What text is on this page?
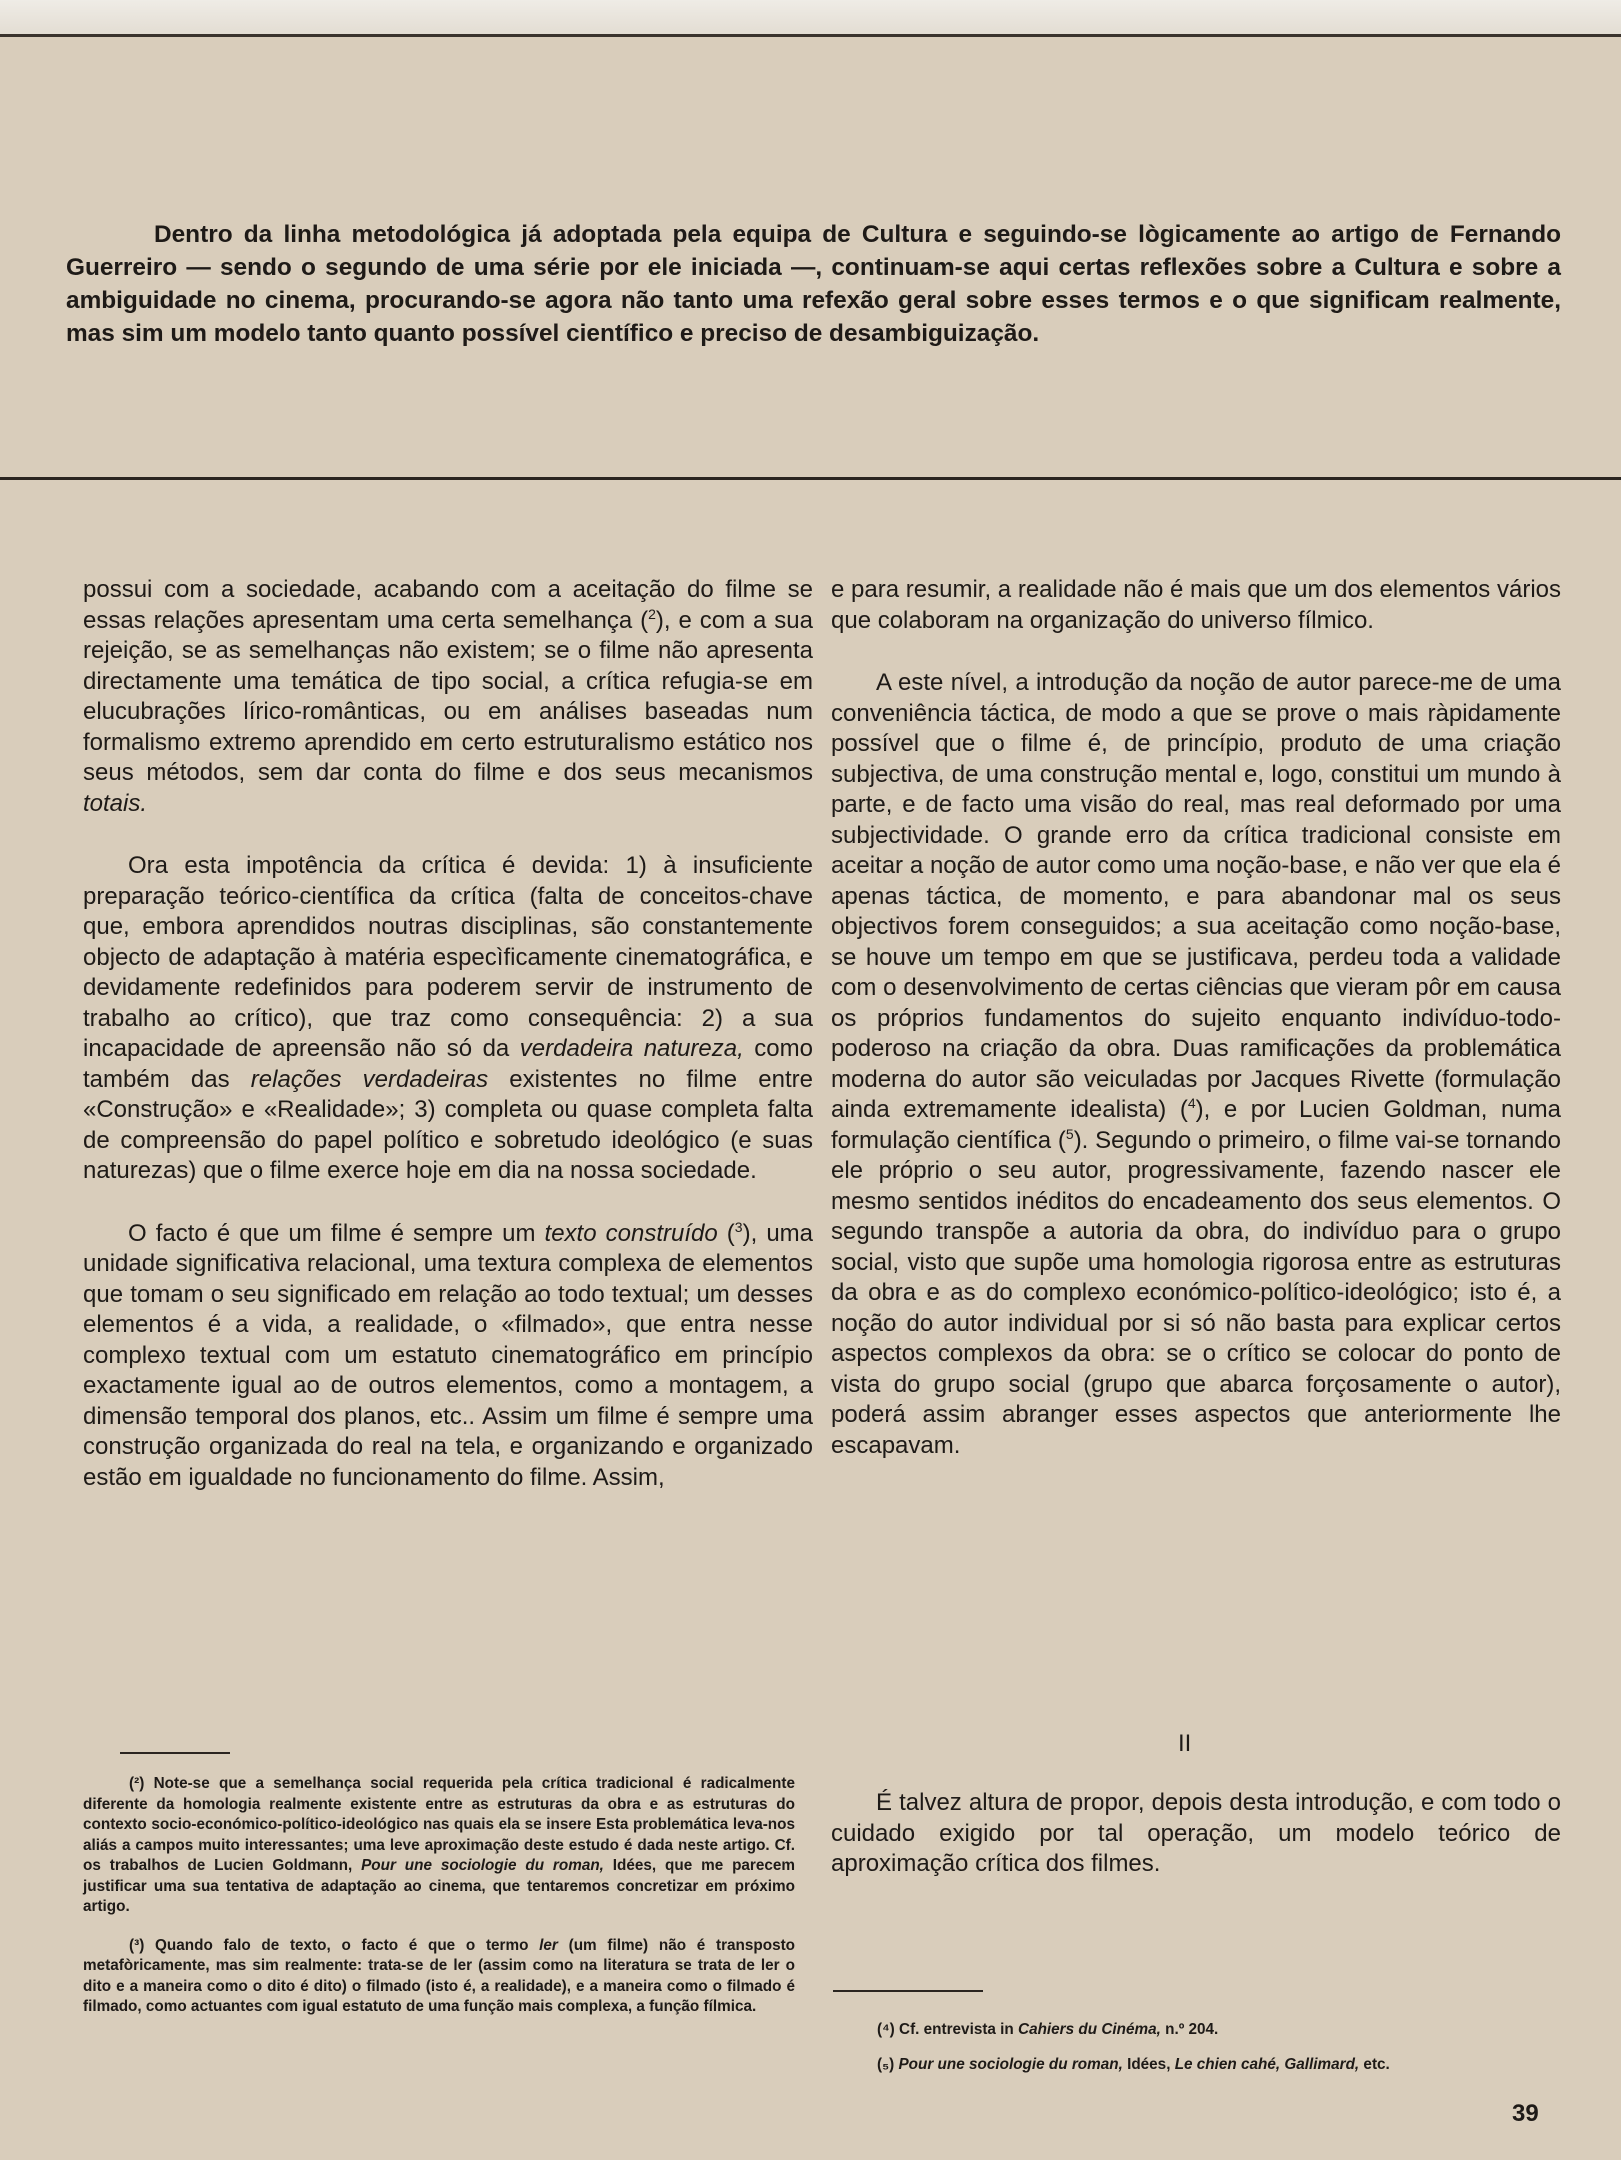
Dentro da linha metodológica já adoptada pela equipa de Cultura e seguindo-se lògicamente ao artigo de Fernando Guerreiro — sendo o segundo de uma série por ele iniciada —, continuam-se aqui certas reflexões sobre a Cultura e sobre a ambiguidade no cinema, procurando-se agora não tanto uma refexão geral sobre esses termos e o que significam realmente, mas sim um modelo tanto quanto possível científico e preciso de desambiguização.

possui com a sociedade, acabando com a aceitação do filme se essas relações apresentam uma certa semelhança ($^2$), e com a sua rejeição, se as semelhanças não existem; se o filme não apresenta directamente uma temática de tipo social, a crítica refugia-se em elucubrações lírico-românticas, ou em análises baseadas num formalismo extremo aprendido em certo estruturalismo estático nos seus métodos, sem dar conta do filme e dos seus mecanismos totais.

Ora esta impotência da crítica é devida: 1) à insuficiente preparação teórico-científica da crítica (falta de conceitos-chave que, embora aprendidos noutras disciplinas, são constantemente objecto de adaptação à matéria especìficamente cinematográfica, e devidamente redefinidos para poderem servir de instrumento de trabalho ao crítico), que traz como consequência: 2) a sua incapacidade de apreensão não só da verdadeira natureza, como também das relações verdadeiras existentes no filme entre «Construção» e «Realidade»; 3) completa ou quase completa falta de compreensão do papel político e sobretudo ideológico (e suas naturezas) que o filme exerce hoje em dia na nossa sociedade.

O facto é que um filme é sempre um texto construído ($^3$), uma unidade significativa relacional, uma textura complexa de elementos que tomam o seu significado em relação ao todo textual; um desses elementos é a vida, a realidade, o «filmado», que entra nesse complexo textual com um estatuto cinematográfico em princípio exactamente igual ao de outros elementos, como a montagem, a dimensão temporal dos planos, etc.. Assim um filme é sempre uma construção organizada do real na tela, e organizando e organizado estão em igualdade no funcionamento do filme. Assim,

e para resumir, a realidade não é mais que um dos elementos vários que colaboram na organização do universo fílmico.

A este nível, a introdução da noção de autor parece-me de uma conveniência táctica, de modo a que se prove o mais ràpidamente possível que o filme é, de princípio, produto de uma criação subjectiva, de uma construção mental e, logo, constitui um mundo à parte, e de facto uma visão do real, mas real deformado por uma subjectividade. O grande erro da crítica tradicional consiste em aceitar a noção de autor como uma noção-base, e não ver que ela é apenas táctica, de momento, e para abandonar mal os seus objectivos forem conseguidos; a sua aceitação como noção-base, se houve um tempo em que se justificava, perdeu toda a validade com o desenvolvimento de certas ciências que vieram pôr em causa os próprios fundamentos do sujeito enquanto indivíduo-todo-poderoso na criação da obra. Duas ramificações da problemática moderna do autor são veiculadas por Jacques Rivette (formulação ainda extremamente idealista) ($^4$), e por Lucien Goldman, numa formulação científica ($^5$). Segundo o primeiro, o filme vai-se tornando ele próprio o seu autor, progressivamente, fazendo nascer ele mesmo sentidos inéditos do encadeamento dos seus elementos. O segundo transpõe a autoria da obra, do indivíduo para o grupo social, visto que supõe uma homologia rigorosa entre as estruturas da obra e as do complexo económico-político-ideológico; isto é, a noção do autor individual por si só não basta para explicar certos aspectos complexos da obra: se o crítico se colocar do ponto de vista do grupo social (grupo que abarca forçosamente o autor), poderá assim abranger esses aspectos que anteriormente lhe escapavam.

II

É talvez altura de propor, depois desta introdução, e com todo o cuidado exigido por tal operação, um modelo teórico de aproximação crítica dos filmes.

(²) Note-se que a semelhança social requerida pela crítica tradicional é radicalmente diferente da homologia realmente existente entre as estruturas da obra e as estruturas do contexto socio-económico-político-ideológico nas quais ela se insere Esta problemática leva-nos aliás a campos muito interessantes; uma leve aproximação deste estudo é dada neste artigo. Cf. os trabalhos de Lucien Goldmann, Pour une sociologie du roman, Idées, que me parecem justificar uma sua tentativa de adaptação ao cinema, que tentaremos concretizar em próximo artigo.

(³) Quando falo de texto, o facto é que o termo ler (um filme) não é transposto metafòricamente, mas sim realmente: trata-se de ler (assim como na literatura se trata de ler o dito e a maneira como o dito é dito) o filmado (isto é, a realidade), e a maneira como o filmado é filmado, como actuantes com igual estatuto de uma função mais complexa, a função fílmica.

(⁴) Cf. entrevista in Cahiers du Cinéma, n.º 204.

(₅) Pour une sociologie du roman, Idées, Le chien cahé, Gallimard, etc.

39
